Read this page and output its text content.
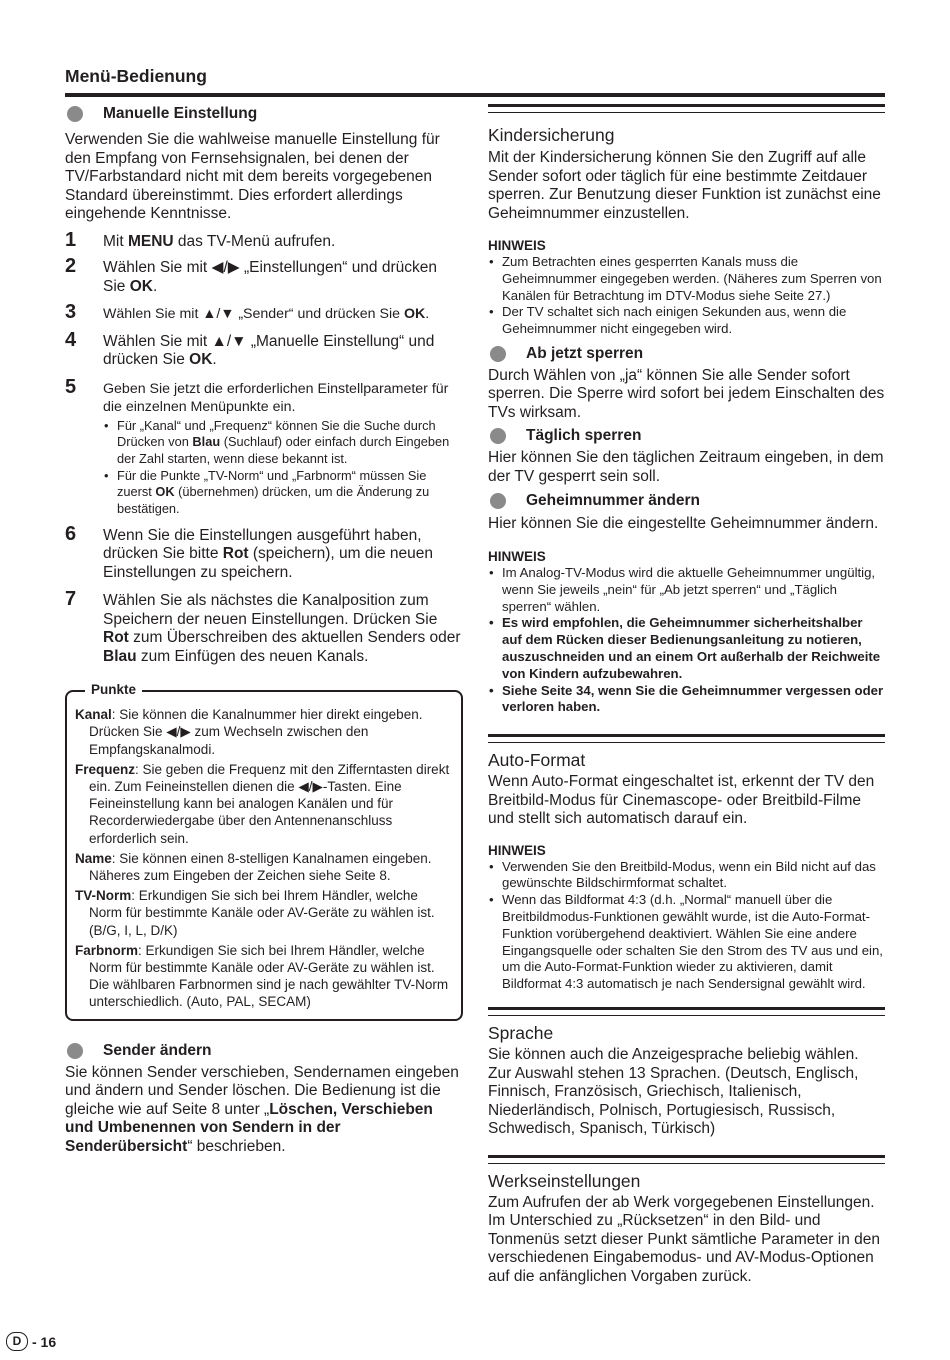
Menü-Bedienung

Manuelle Einstellung

Verwenden Sie die wahlweise manuelle Einstellung für den Empfang von Fernsehsignalen, bei denen der TV/Farbstandard nicht mit dem bereits vorgegebenen Standard übereinstimmt. Dies erfordert allerdings eingehende Kenntnisse.

1 Mit MENU das TV-Menü aufrufen.
2 Wählen Sie mit ◀/▶ „Einstellungen“ und drücken Sie OK.
3 Wählen Sie mit ▲/▼ „Sender“ und drücken Sie OK.
4 Wählen Sie mit ▲/▼ „Manuelle Einstellung“ und drücken Sie OK.
5 Geben Sie jetzt die erforderlichen Einstellparameter für die einzelnen Menüpunkte ein.
• Für „Kanal“ und „Frequenz“ können Sie die Suche durch Drücken von Blau (Suchlauf) oder einfach durch Eingeben der Zahl starten, wenn diese bekannt ist.
• Für die Punkte „TV-Norm“ und „Farbnorm“ müssen Sie zuerst OK (übernehmen) drücken, um die Änderung zu bestätigen.
6 Wenn Sie die Einstellungen ausgeführt haben, drücken Sie bitte Rot (speichern), um die neuen Einstellungen zu speichern.
7 Wählen Sie als nächstes die Kanalposition zum Speichern der neuen Einstellungen. Drücken Sie Rot zum Überschreiben des aktuellen Senders oder Blau zum Einfügen des neuen Kanals.
Punkte
Kanal: Sie können die Kanalnummer hier direkt eingeben. Drücken Sie ◀/▶ zum Wechseln zwischen den Empfangskanalmodi.
Frequenz: Sie geben die Frequenz mit den Zifferntasten direkt ein. Zum Feineinstellen dienen die ◀/▶-Tasten. Eine Feineinstellung kann bei analogen Kanälen und für Recorderwiedergabe über den Antennenanschluss erforderlich sein.
Name: Sie können einen 8-stelligen Kanalnamen eingeben. Näheres zum Eingeben der Zeichen siehe Seite 8.
TV-Norm: Erkundigen Sie sich bei Ihrem Händler, welche Norm für bestimmte Kanäle oder AV-Geräte zu wählen ist. (B/G, I, L, D/K)
Farbnorm: Erkundigen Sie sich bei Ihrem Händler, welche Norm für bestimmte Kanäle oder AV-Geräte zu wählen ist. Die wählbaren Farbnormen sind je nach gewählter TV-Norm unterschiedlich. (Auto, PAL, SECAM)

Sender ändern

Sie können Sender verschieben, Sendernamen eingeben und ändern und Sender löschen. Die Bedienung ist die gleiche wie auf Seite 8 unter „Löschen, Verschieben und Umbenennen von Sendern in der Senderübersicht“ beschrieben.

Kindersicherung

Mit der Kindersicherung können Sie den Zugriff auf alle Sender sofort oder täglich für eine bestimmte Zeitdauer sperren. Zur Benutzung dieser Funktion ist zunächst eine Geheimnummer einzustellen.

HINWEIS
• Zum Betrachten eines gesperrten Kanals muss die Geheimnummer eingegeben werden. (Näheres zum Sperren von Kanälen für Betrachtung im DTV-Modus siehe Seite 27.)
• Der TV schaltet sich nach einigen Sekunden aus, wenn die Geheimnummer nicht eingegeben wird.

Ab jetzt sperren

Durch Wählen von „ja“ können Sie alle Sender sofort sperren. Die Sperre wird sofort bei jedem Einschalten des TVs wirksam.

Täglich sperren

Hier können Sie den täglichen Zeitraum eingeben, in dem der TV gesperrt sein soll.

Geheimnummer ändern

Hier können Sie die eingestellte Geheimnummer ändern.

HINWEIS
• Im Analog-TV-Modus wird die aktuelle Geheimnummer ungültig, wenn Sie jeweils „nein“ für „Ab jetzt sperren“ und „Täglich sperren“ wählen.
• Es wird empfohlen, die Geheimnummer sicherheitshalber auf dem Rücken dieser Bedienungsanleitung zu notieren, auszuschneiden und an einem Ort außerhalb der Reichweite von Kindern aufzubewahren.
• Siehe Seite 34, wenn Sie die Geheimnummer vergessen oder verloren haben.
Auto-Format

Wenn Auto-Format eingeschaltet ist, erkennt der TV den Breitbild-Modus für Cinemascope- oder Breitbild-Filme und stellt sich automatisch darauf ein.

HINWEIS
• Verwenden Sie den Breitbild-Modus, wenn ein Bild nicht auf das gewünschte Bildschirmformat schaltet.
• Wenn das Bildformat 4:3 (d.h. „Normal“ manuell über die Breitbildmodus-Funktionen gewählt wurde, ist die Auto-Format-Funktion vorübergehend deaktiviert. Wählen Sie eine andere Eingangsquelle oder schalten Sie den Strom des TV aus und ein, um die Auto-Format-Funktion wieder zu aktivieren, damit Bildformat 4:3 automatisch je nach Sendersignal gewählt wird.
Sprache

Sie können auch die Anzeigesprache beliebig wählen. Zur Auswahl stehen 13 Sprachen. (Deutsch, Englisch, Finnisch, Französisch, Griechisch, Italienisch, Niederländisch, Polnisch, Portugiesisch, Russisch, Schwedisch, Spanisch, Türkisch)

Werkseinstellungen

Zum Aufrufen der ab Werk vorgegebenen Einstellungen. Im Unterschied zu „Rücksetzen“ in den Bild- und Tonmenüs setzt dieser Punkt sämtliche Parameter in den verschiedenen Eingabemodus- und AV-Modus-Optionen auf die anfänglichen Vorgaben zurück.

D - 16
